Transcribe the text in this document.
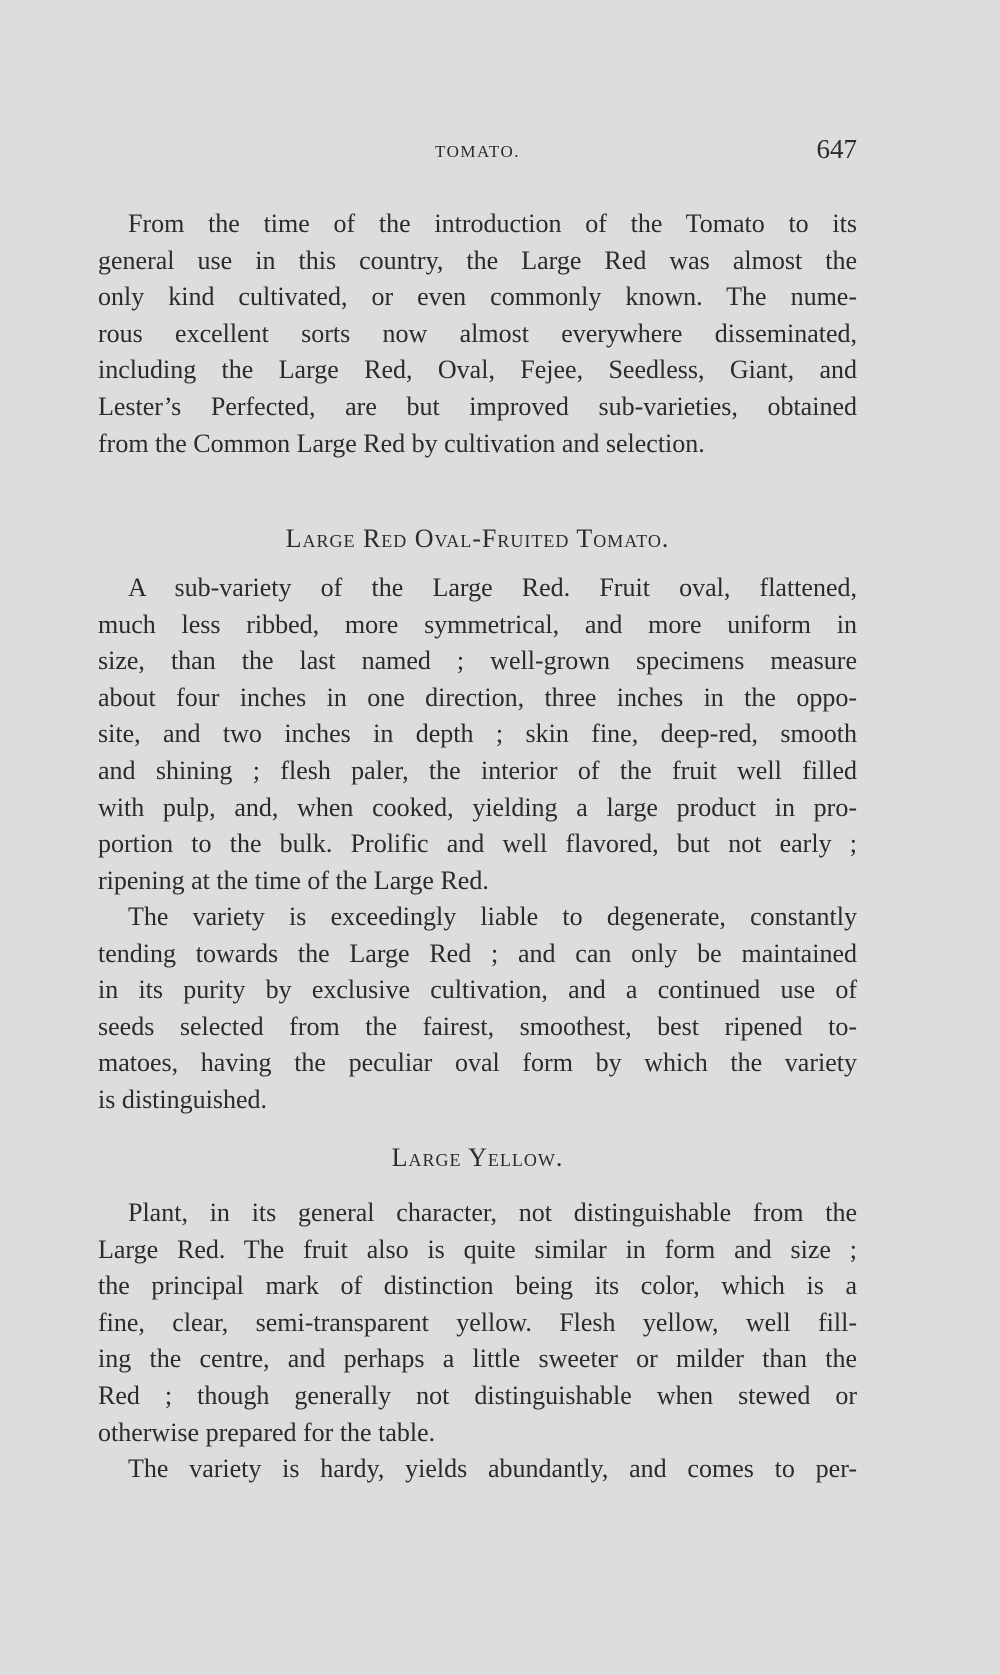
TOMATO.	647
From the time of the introduction of the Tomato to its
general use in this country, the Large Red was almost the
only kind cultivated, or even commonly known. The nume-
rous excellent sorts now almost everywhere disseminated,
including the Large Red, Oval, Fejee, Seedless, Giant, and
Lester’s Perfected, are but improved sub-varieties, obtained
from the Common Large Red by cultivation and selection.
Large Red Oval-Fruited Tomato.
A sub-variety of the Large Red. Fruit oval, flattened,
much less ribbed, more symmetrical, and more uniform in
size, than the last named ; well-grown specimens measure
about four inches in one direction, three inches in the oppo-
site, and two inches in depth ; skin fine, deep-red, smooth
and shining ; flesh paler, the interior of the fruit well filled
with pulp, and, when cooked, yielding a large product in pro-
portion to the bulk. Prolific and well flavored, but not early ;
ripening at the time of the Large Red.
The variety is exceedingly liable to degenerate, constantly
tending towards the Large Red ; and can only be maintained
in its purity by exclusive cultivation, and a continued use of
seeds selected from the fairest, smoothest, best ripened to-
matoes, having the peculiar oval form by which the variety
is distinguished.
Large Yellow.
Plant, in its general character, not distinguishable from the
Large Red. The fruit also is quite similar in form and size ;
the principal mark of distinction being its color, which is a
fine, clear, semi-transparent yellow. Flesh yellow, well fill-
ing the centre, and perhaps a little sweeter or milder than the
Red ; though generally not distinguishable when stewed or
otherwise prepared for the table.
The variety is hardy, yields abundantly, and comes to per-
